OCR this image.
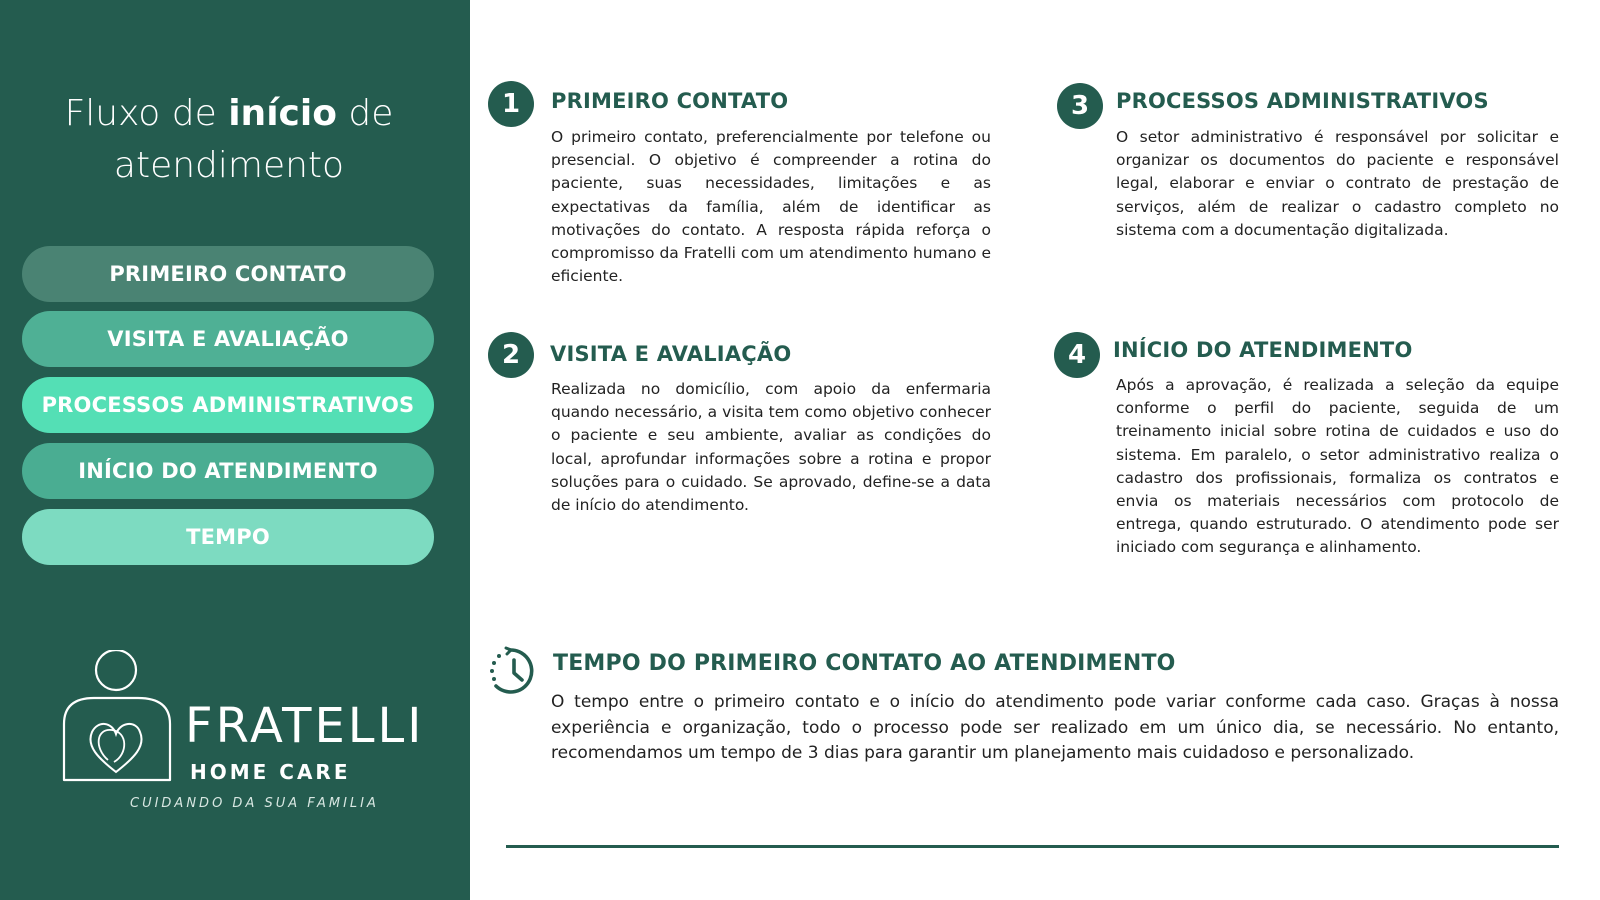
Fluxo de início de
atendimento
PRIMEIRO CONTATO
VISITA E AVALIAÇÃO
PROCESSOS ADMINISTRATIVOS
INÍCIO DO ATENDIMENTO
TEMPO
FRATELLI
HOME CARE
CUIDANDO DA SUA FAMILIA
1	PRIMEIRO CONTATO

O primeiro contato, preferencialmente por telefone ou presencial. O objetivo é compreender a rotina do paciente, suas necessidades, limitações e as expectativas da família, além de identificar as motivações do contato. A resposta rápida reforça o compromisso da Fratelli com um atendimento humano e eficiente.

3	PROCESSOS ADMINISTRATIVOS

O setor administrativo é responsável por solicitar e organizar os documentos do paciente e responsável legal, elaborar e enviar o contrato de prestação de serviços, além de realizar o cadastro completo no sistema com a documentação digitalizada.

2	VISITA E AVALIAÇÃO

Realizada no domicílio, com apoio da enfermaria quando necessário, a visita tem como objetivo conhecer o paciente e seu ambiente, avaliar as condições do local, aprofundar informações sobre a rotina e propor soluções para o cuidado. Se aprovado, define-se a data de início do atendimento.

4	INÍCIO DO ATENDIMENTO

Após a aprovação, é realizada a seleção da equipe conforme o perfil do paciente, seguida de um treinamento inicial sobre rotina de cuidados e uso do sistema. Em paralelo, o setor administrativo realiza o cadastro dos profissionais, formaliza os contratos e envia os materiais necessários com protocolo de entrega, quando estruturado. O atendimento pode ser iniciado com segurança e alinhamento.

TEMPO DO PRIMEIRO CONTATO AO ATENDIMENTO

O tempo entre o primeiro contato e o início do atendimento pode variar conforme cada caso. Graças à nossa experiência e organização, todo o processo pode ser realizado em um único dia, se necessário. No entanto, recomendamos um tempo de 3 dias para garantir um planejamento mais cuidadoso e personalizado.
